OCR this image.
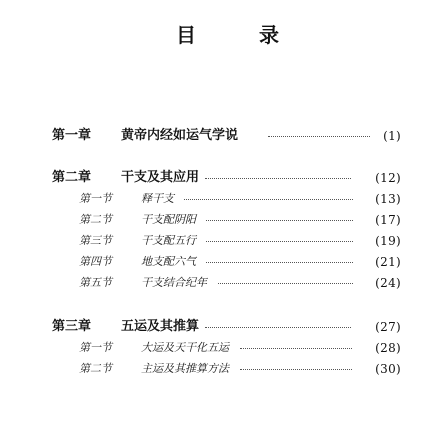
目 录
第一章 黄帝内经如运气学说	(1)
第二章 干支及其应用	(12)
第一节	释干支	(13)
第二节	干支配阴阳	(17)
第三节	干支配五行	(19)
第四节	地支配六气	(21)
第五节	干支结合纪年	(24)
第三章 五运及其推算	(27)
第一节	大运及天干化五运	(28)
第二节	主运及其推算方法	(30)
